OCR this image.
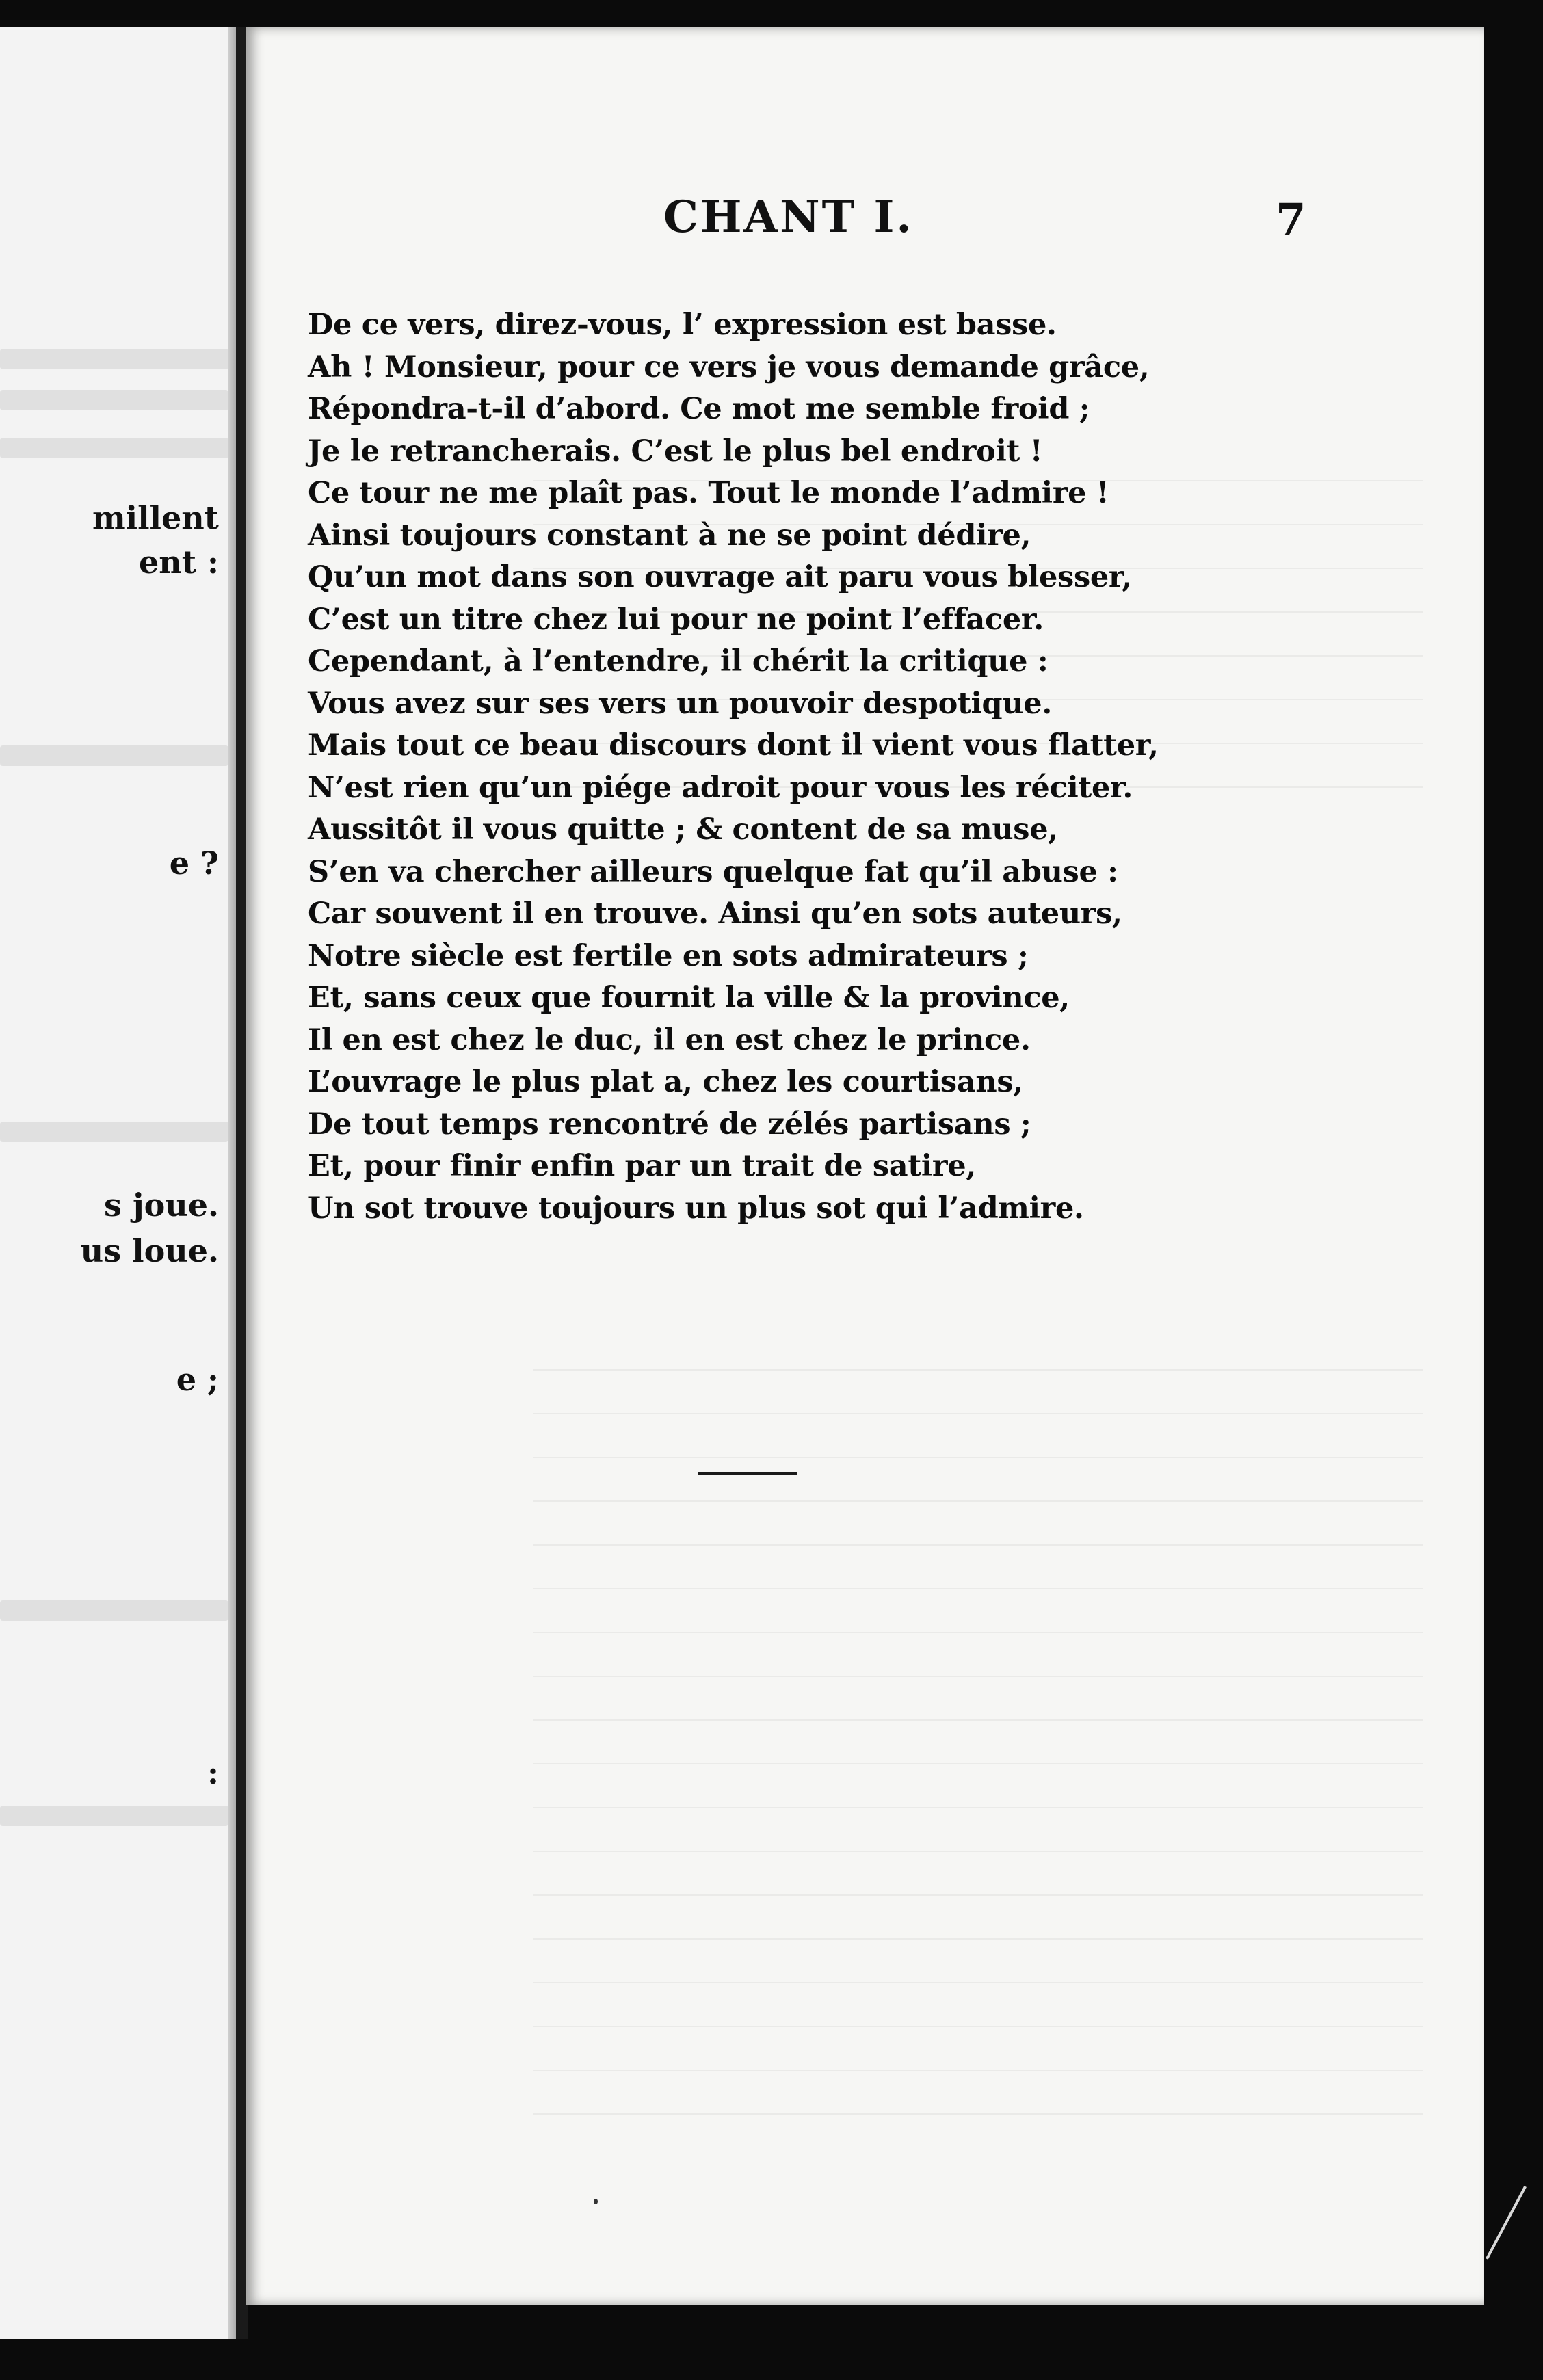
millent
ent :
e ?
s joue.
us loue.
e ;
:
CHANT I.	7
De ce vers, direz-vous, l’ expression est basse.
Ah ! Monsieur, pour ce vers je vous demande grâce,
Répondra-t-il d’abord. Ce mot me semble froid ;
Je le retrancherais. C’est le plus bel endroit !
Ce tour ne me plaît pas. Tout le monde l’admire !
Ainsi toujours constant à ne se point dédire,
Qu’un mot dans son ouvrage ait paru vous blesser,
C’est un titre chez lui pour ne point l’effacer.
Cependant, à l’entendre, il chérit la critique :
Vous avez sur ses vers un pouvoir despotique.
Mais tout ce beau discours dont il vient vous flatter,
N’est rien qu’un piége adroit pour vous les réciter.
Aussitôt il vous quitte ; & content de sa muse,
S’en va chercher ailleurs quelque fat qu’il abuse :
Car souvent il en trouve. Ainsi qu’en sots auteurs,
Notre siècle est fertile en sots admirateurs ;
Et, sans ceux que fournit la ville & la province,
Il en est chez le duc, il en est chez le prince.
L’ouvrage le plus plat a, chez les courtisans,
De tout temps rencontré de zélés partisans ;
Et, pour finir enfin par un trait de satire,
Un sot trouve toujours un plus sot qui l’admire.
